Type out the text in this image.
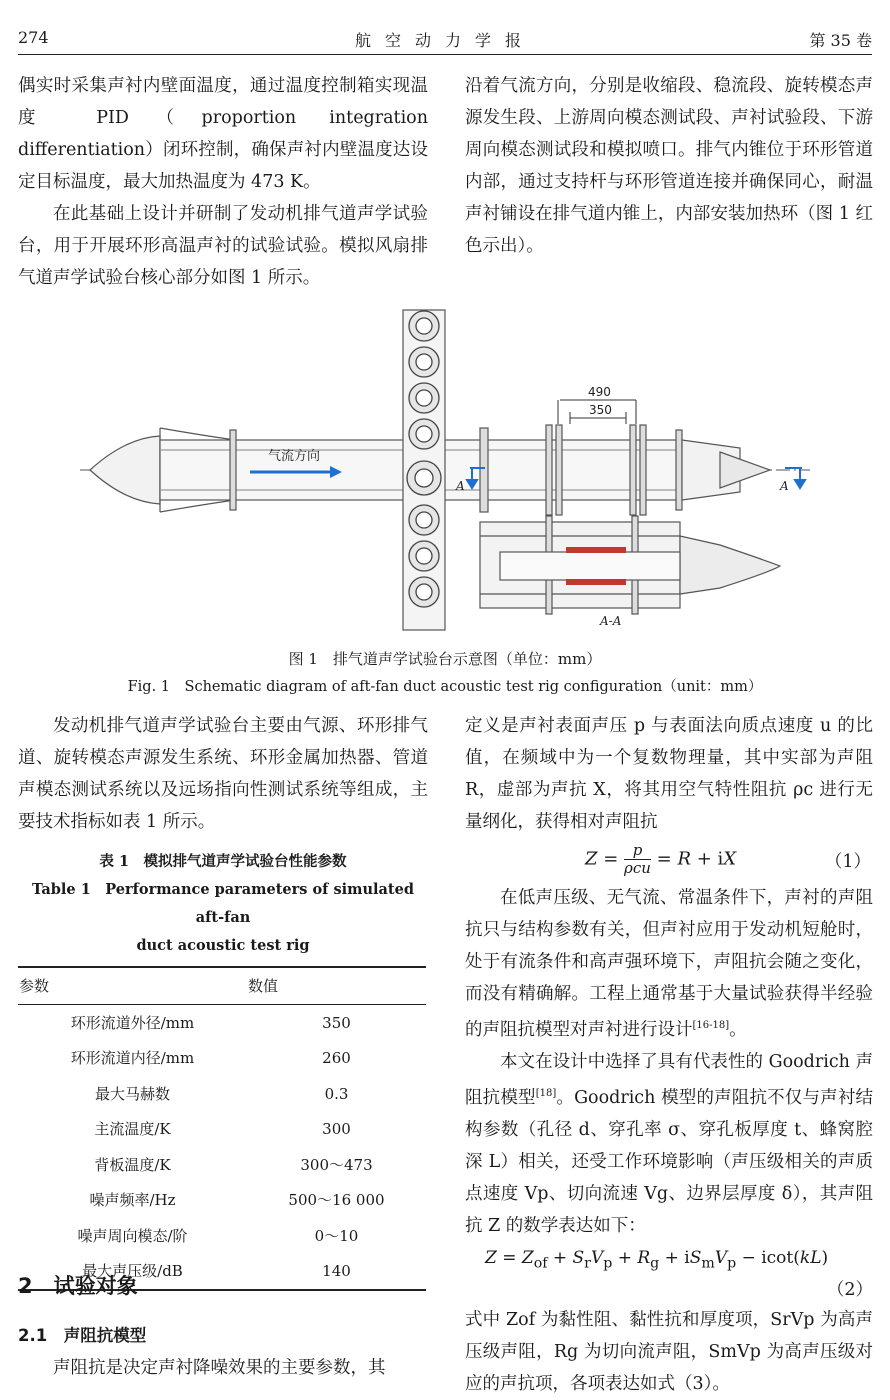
274	航空动力学报	第 35 卷

偶实时采集声衬内壁面温度，通过温度控制箱实现温度 PID（proportion integration differentiation）闭环控制，确保声衬内壁温度达设定目标温度，最大加热温度为 473 K。

在此基础上设计并研制了发动机排气道声学试验台，用于开展环形高温声衬的试验试验。模拟风扇排气道声学试验台核心部分如图 1 所示。

沿着气流方向，分别是收缩段、稳流段、旋转模态声源发生段、上游周向模态测试段、声衬试验段、下游周向模态测试段和模拟喷口。排气内锥位于环形管道内部，通过支持杆与环形管道连接并确保同心，耐温声衬铺设在排气道内锥上，内部安装加热环（图 1 红色示出）。

气流方向
490
350
A	A
A-A
图 1　排气道声学试验台示意图（单位：mm）
Fig. 1　Schematic diagram of aft-fan duct acoustic test rig configuration（unit：mm）

发动机排气道声学试验台主要由气源、环形排气道、旋转模态声源发生系统、环形金属加热器、管道声模态测试系统以及远场指向性测试系统等组成，主要技术指标如表 1 所示。

表 1　模拟排气道声学试验台性能参数
Table 1　Performance parameters of simulated aft-fan
duct acoustic test rig
参数	数值
环形流道外径/mm	350
环形流道内径/mm	260
最大马赫数	0.3
主流温度/K	300
背板温度/K	300～473
噪声频率/Hz	500～16 000
噪声周向模态/阶	0～10
最大声压级/dB	140
2　试验对象
2.1　声阻抗模型

声阻抗是决定声衬降噪效果的主要参数，其

定义是声衬表面声压 p 与表面法向质点速度 u 的比值，在频域中为一个复数物理量，其中实部为声阻 R，虚部为声抗 X，将其用空气特性阻抗 ρc 进行无量纲化，获得相对声阻抗

Z = p
ρcu = R + iX	（1）

在低声压级、无气流、常温条件下，声衬的声阻抗只与结构参数有关，但声衬应用于发动机短舱时，处于有流条件和高声强环境下，声阻抗会随之变化，而没有精确解。工程上通常基于大量试验获得半经验的声阻抗模型对声衬进行设计[16-18]。

本文在设计中选择了具有代表性的 Goodrich 声阻抗模型[18]。Goodrich 模型的声阻抗不仅与声衬结构参数（孔径 d、穿孔率 σ、穿孔板厚度 t、蜂窝腔深 L）相关，还受工作环境影响（声压级相关的声质点速度 Vp、切向流速 Vg、边界层厚度 δ），其声阻抗 Z 的数学表达如下：

$Z = Z_{of} + S_rV_p + R_g + iS_mV_p - icot(kL)$
（2）

式中 Zof 为黏性阻、黏性抗和厚度项，SrVp 为高声压级声阻，Rg 为切向流声阻，SmVp 为高声压级对应的声抗项，各项表达如式（3）。
